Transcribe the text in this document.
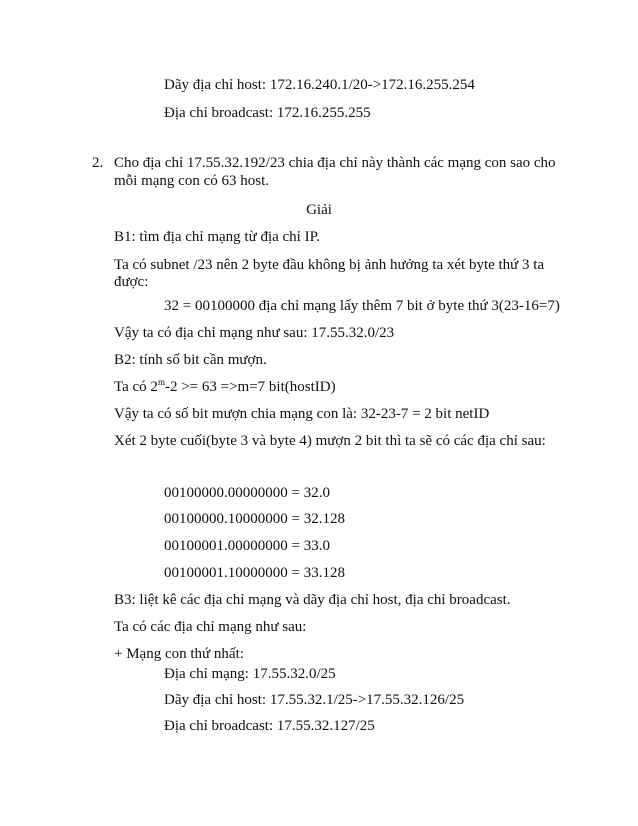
Dãy địa chỉ host: 172.16.240.1/20->172.16.255.254
Địa chỉ broadcast: 172.16.255.255
2. Cho địa chỉ 17.55.32.192/23 chia địa chỉ này thành các mạng con sao cho
mỗi mạng con có 63 host.
Giải
B1: tìm địa chỉ mạng từ địa chỉ IP.
Ta có subnet /23 nên 2 byte đầu không bị ảnh hưởng ta xét byte thứ 3 ta
được:
32 = 00100000 địa chỉ mạng lấy thêm 7 bit ở byte thứ 3(23-16=7)
Vậy ta có địa chỉ mạng như sau: 17.55.32.0/23
B2: tính số bit cần mượn.
Ta có $2^m-2 >= 63 =>m=7$ bit(hostID)
Vậy ta có số bit mượn chia mạng con là: 32-23-7 = 2 bit netID
Xét 2 byte cuối(byte 3 và byte 4) mượn 2 bit thì ta sẽ có các địa chỉ sau:
00100000.00000000 = 32.0
00100000.10000000 = 32.128
00100001.00000000 = 33.0
00100001.10000000 = 33.128
B3: liệt kê các địa chỉ mạng và dãy địa chỉ host, địa chỉ broadcast.
Ta có các địa chỉ mạng như sau:
+ Mạng con thứ nhất:
Địa chỉ mạng: 17.55.32.0/25
Dãy địa chỉ host: 17.55.32.1/25->17.55.32.126/25
Địa chỉ broadcast: 17.55.32.127/25
